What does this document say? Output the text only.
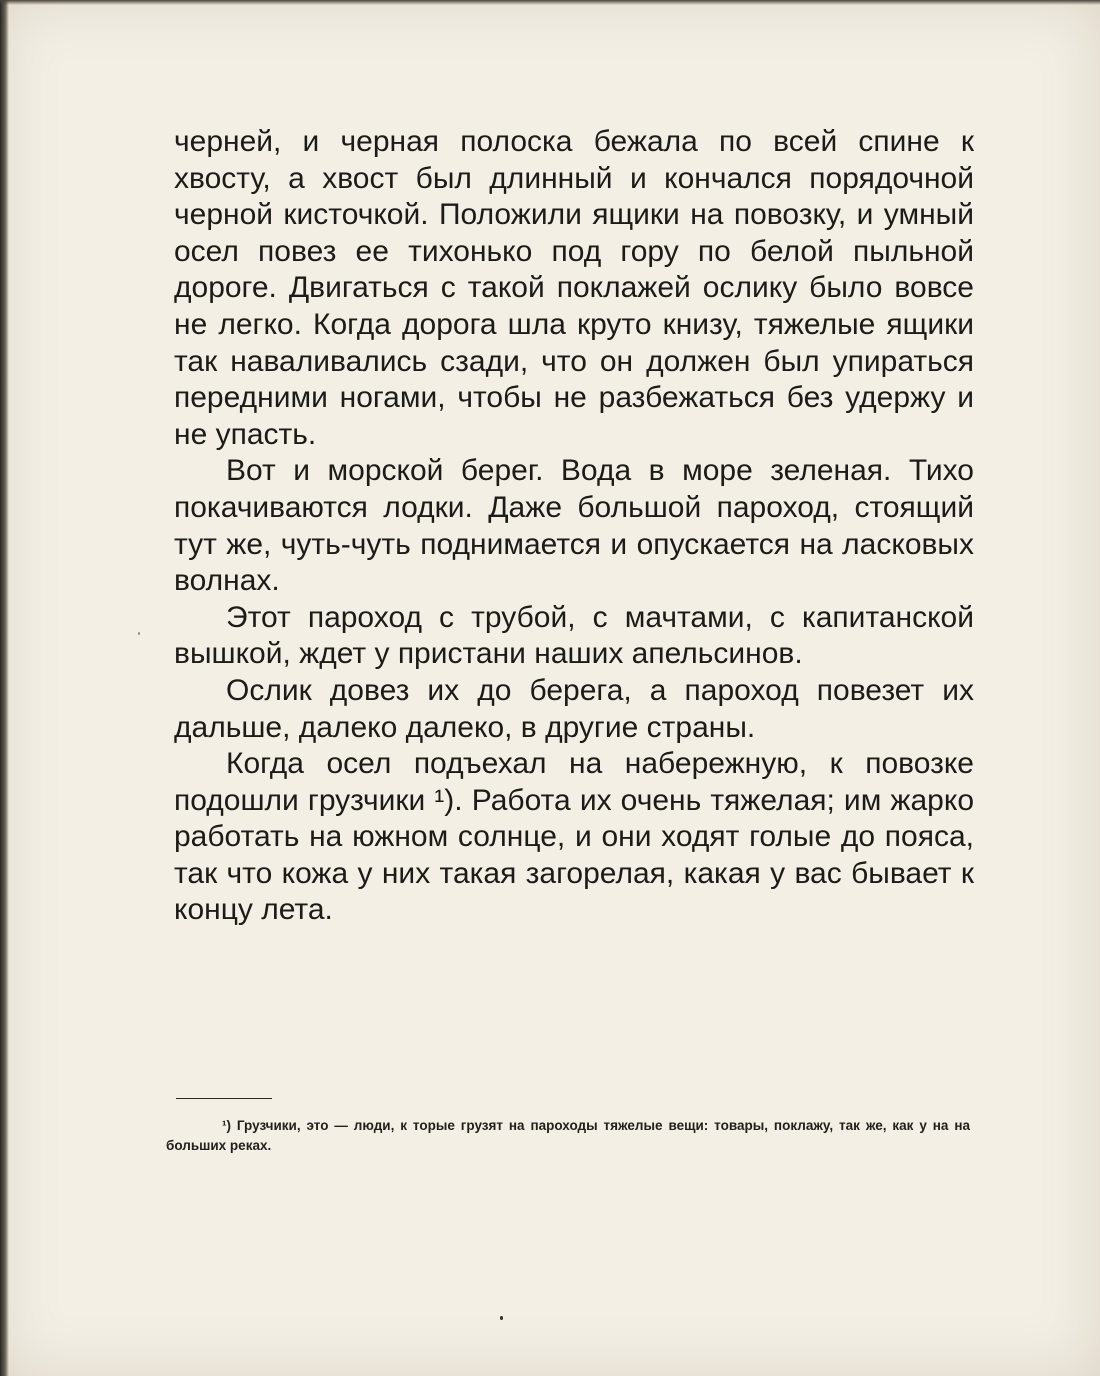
черней, и черная полоска бежала по всей спине к хвосту, а хвост был длинный и кончался порядочной черной кисточкой. Положили ящики на повозку, и умный осел повез ее тихонько под гору по белой пыльной дороге. Двигаться с такой поклажей ослику было вовсе не легко. Когда дорога шла круто книзу, тяжелые ящики так наваливались сзади, что он должен был упираться передними ногами, чтобы не разбежаться без удержу и не упасть.

Вот и морской берег. Вода в море зеленая. Тихо покачиваются лодки. Даже большой пароход, стоящий тут же, чуть-чуть поднимается и опускается на ласковых волнах.

Этот пароход с трубой, с мачтами, с капитанской вышкой, ждет у пристани наших апельсинов.

Ослик довез их до берега, а пароход повезет их дальше, далеко далеко, в другие страны.

Когда осел подъехал на набережную, к повозке подошли грузчики ¹). Работа их очень тяжелая; им жарко работать на южном солнце, и они ходят голые до пояса, так что кожа у них такая загорелая, какая у вас бывает к концу лета.

¹) Грузчики, это — люди, к торые грузят на пароходы тяжелые вещи: товары, поклажу, так же, как у на на больших реках.
